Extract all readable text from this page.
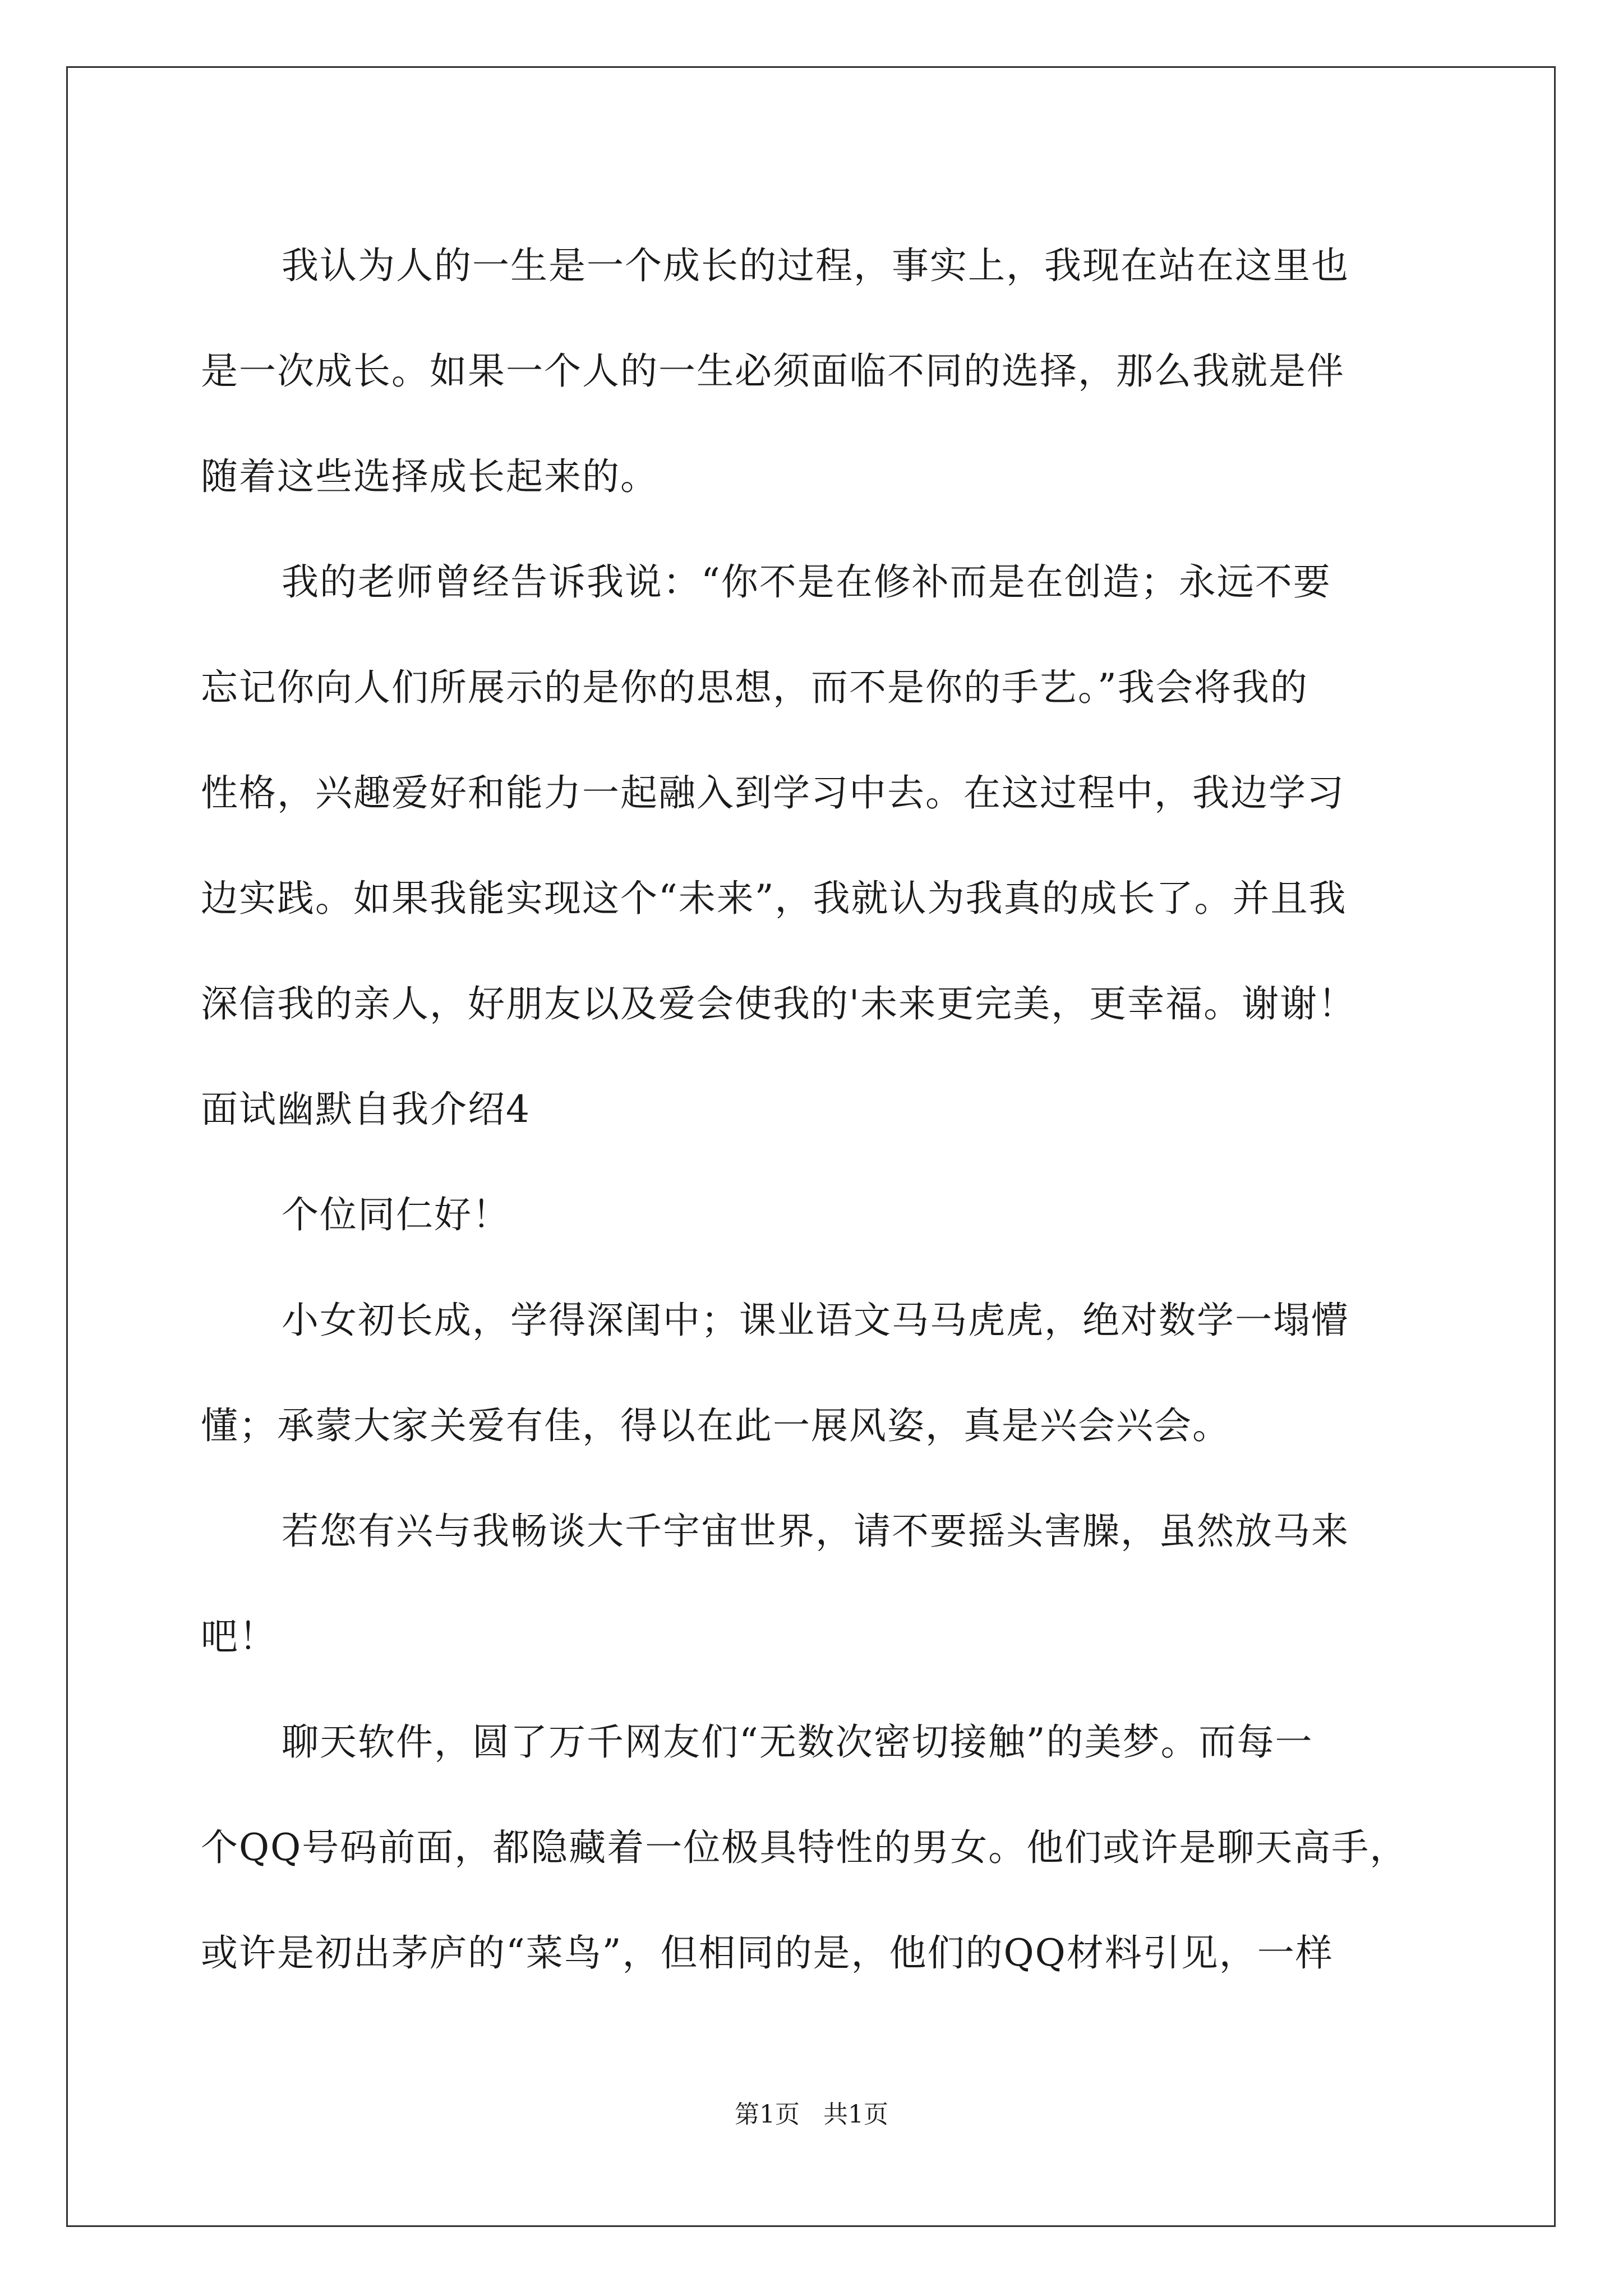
我认为人的一生是一个成长的过程，事实上，我现在站在这里也
是一次成长。如果一个人的一生必须面临不同的选择，那么我就是伴
随着这些选择成长起来的。
我的老师曾经告诉我说：“你不是在修补而是在创造；永远不要
忘记你向人们所展示的是你的思想，而不是你的手艺。”我会将我的
性格，兴趣爱好和能力一起融入到学习中去。在这过程中，我边学习
边实践。如果我能实现这个“未来”，我就认为我真的成长了。并且我
深信我的亲人，好朋友以及爱会使我的'未来更完美，更幸福。谢谢！
面试幽默自我介绍4
个位同仁好！
小女初长成，学得深闺中；课业语文马马虎虎，绝对数学一塌懵
懂；承蒙大家关爱有佳，得以在此一展风姿，真是兴会兴会。
若您有兴与我畅谈大千宇宙世界，请不要摇头害臊，虽然放马来
吧！
聊天软件，圆了万千网友们“无数次密切接触”的美梦。而每一
个QQ号码前面，都隐藏着一位极具特性的男女。他们或许是聊天高手，
或许是初出茅庐的“菜鸟”，但相同的是，他们的QQ材料引见，一样
第1页   共1页
